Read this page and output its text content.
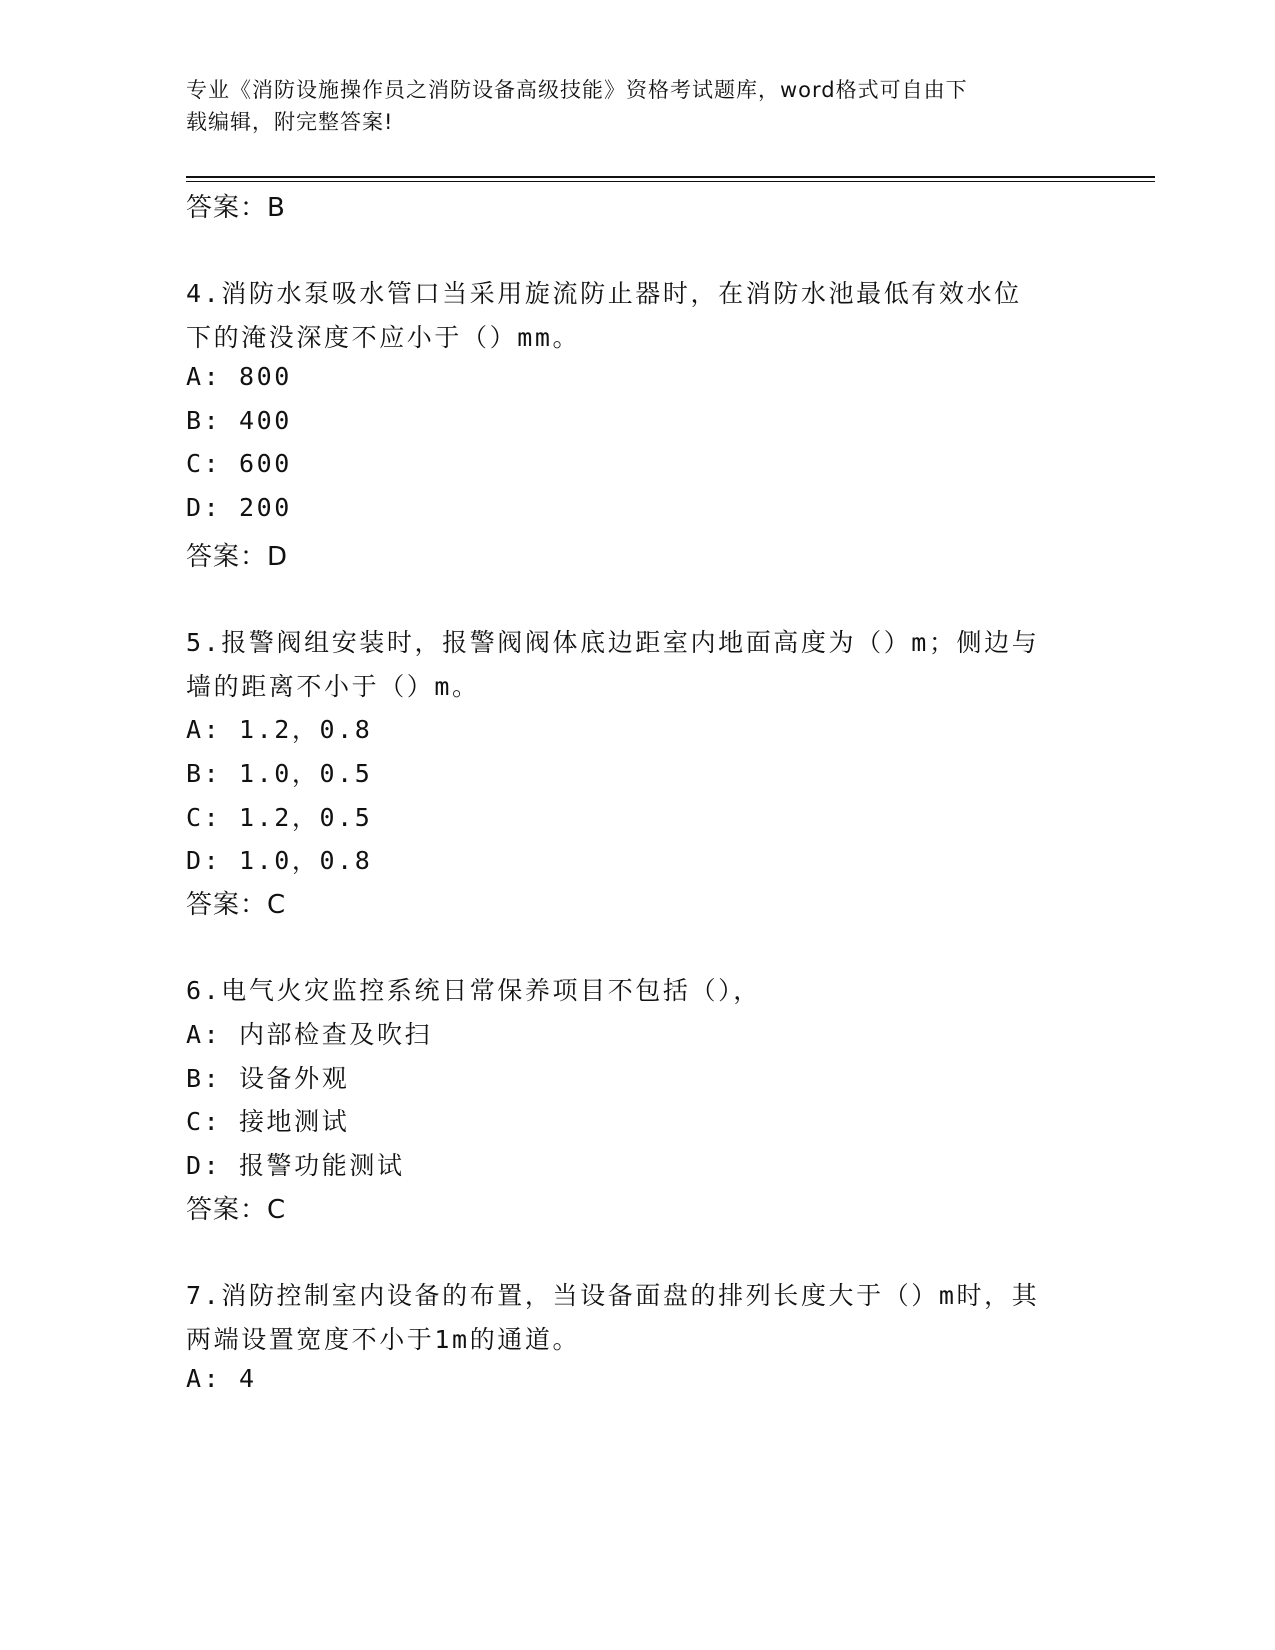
专业《消防设施操作员之消防设备高级技能》资格考试题库，word格式可自由下
载编辑，附完整答案!
答案：B
4.消防水泵吸水管口当采用旋流防止器时，在消防水池最低有效水位
下的淹没深度不应小于（）mm。
A: 800
B: 400
C: 600
D: 200
答案：D
5.报警阀组安装时，报警阀阀体底边距室内地面高度为（）m；侧边与
墙的距离不小于（）m。
A: 1.2，0.8
B: 1.0，0.5
C: 1.2，0.5
D: 1.0，0.8
答案：C
6.电气火灾监控系统日常保养项目不包括（），
A: 内部检查及吹扫
B: 设备外观
C: 接地测试
D: 报警功能测试
答案：C
7.消防控制室内设备的布置，当设备面盘的排列长度大于（）m时，其
两端设置宽度不小于1m的通道。
A: 4
